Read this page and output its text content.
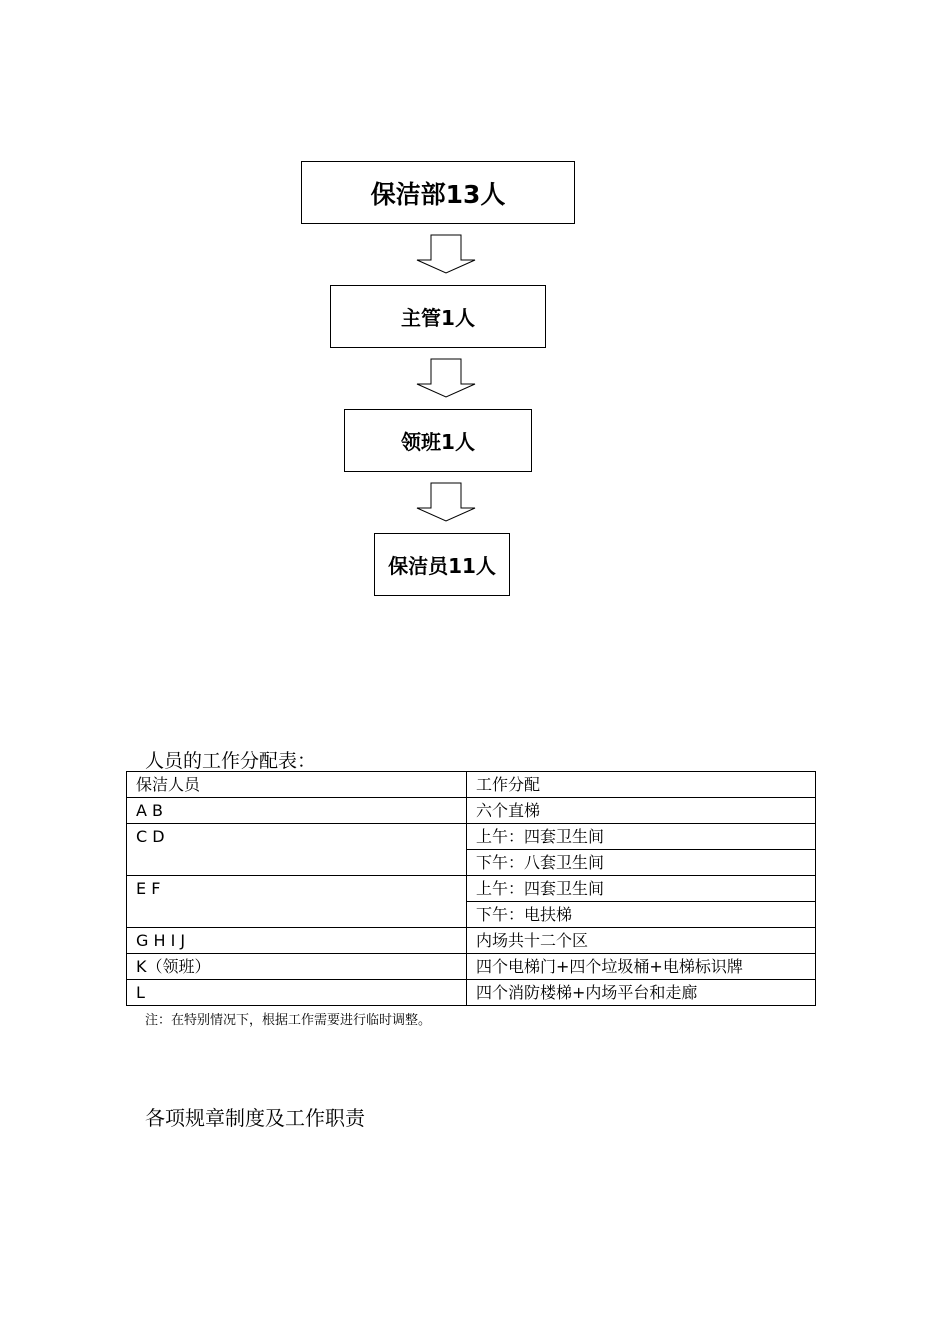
保洁部13人
主管1人
领班1人
保洁员11人
人员的工作分配表：
保洁人员	工作分配
A B	六个直梯
C D	上午：四套卫生间
	下午：八套卫生间
E F	上午：四套卫生间
	下午：电扶梯
G H I J	内场共十二个区
K（领班）	四个电梯门+四个垃圾桶+电梯标识牌
L	四个消防楼梯+内场平台和走廊
注：在特别情况下，根据工作需要进行临时调整。
各项规章制度及工作职责
